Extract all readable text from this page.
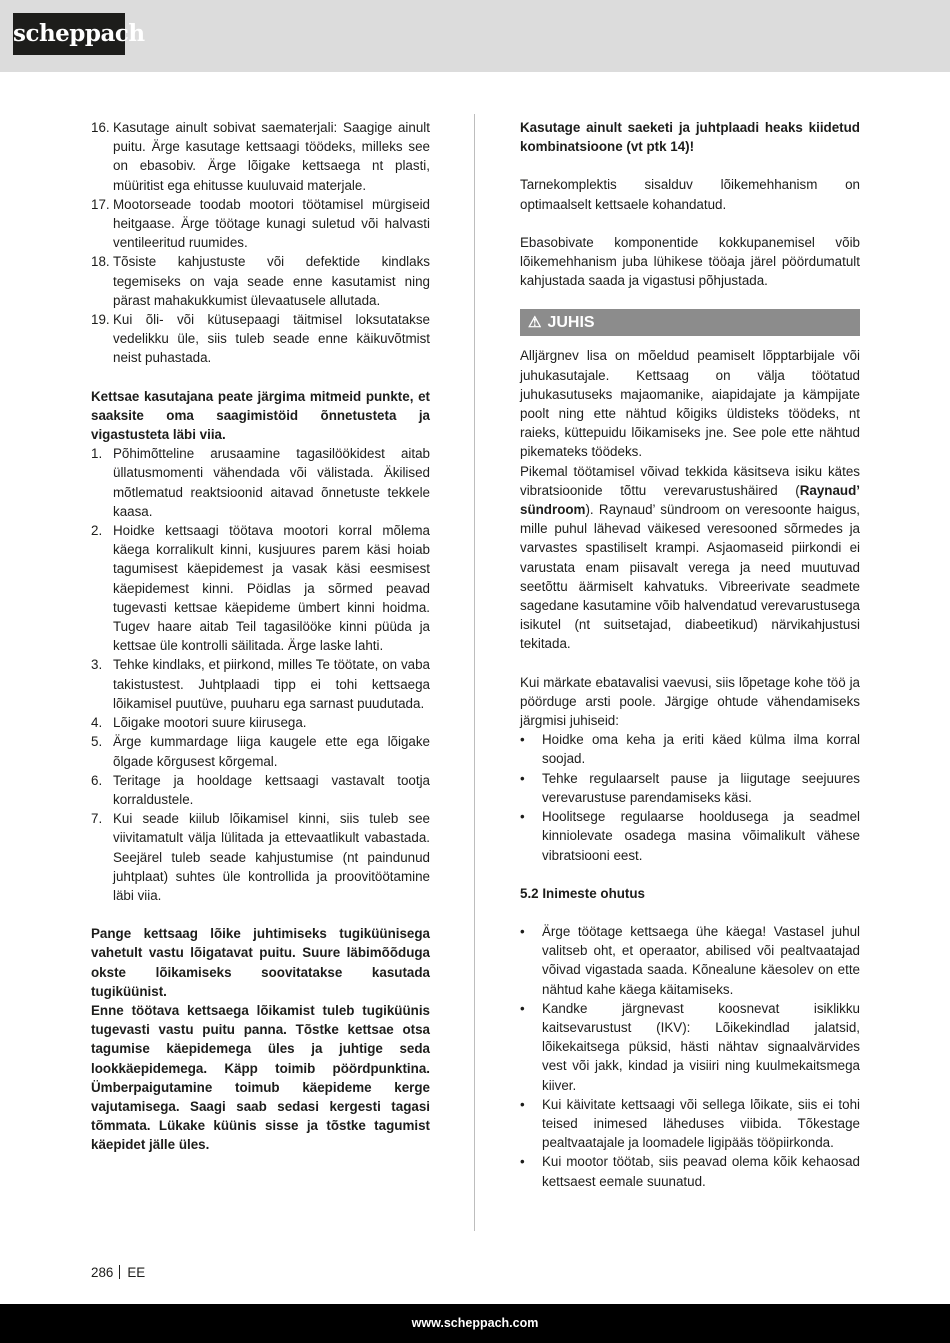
scheppach
16. Kasutage ainult sobivat saematerjali: Saagige ainult puitu. Ärge kasutage kettsaagi töödeks, milleks see on ebasobiv. Ärge lõigake kettsaega nt plasti, müüritist ega ehitusse kuuluvaid materjale.
17. Mootorseade toodab mootori töötamisel mürgiseid heitgaase. Ärge töötage kunagi suletud või halvasti ventileeritud ruumides.
18. Tõsiste kahjustuste või defektide kindlaks tegemiseks on vaja seade enne kasutamist ning pärast mahakukkumist ülevaatusele allutada.
19. Kui õli- või kütusepaagi täitmisel loksutatakse vedelikku üle, siis tuleb seade enne käikuvõtmist neist puhastada.

Kettsae kasutajana peate järgima mitmeid punkte, et saaksite oma saagimistöid õnnetusteta ja vigastusteta läbi viia.

1. Põhimõtteline arusaamine tagasilöökidest aitab üllatusmomenti vähendada või välistada. Äkilised mõtlematud reaktsioonid aitavad õnnetuste tekkele kaasa.
2. Hoidke kettsaagi töötava mootori korral mõlema käega korralikult kinni, kusjuures parem käsi hoiab tagumisest käepidemest ja vasak käsi eesmisest käepidemest kinni. Pöidlas ja sõrmed peavad tugevasti kettsae käepideme ümbert kinni hoidma. Tugev haare aitab Teil tagasilööke kinni püüda ja kettsae üle kontrolli säilitada. Ärge laske lahti.
3. Tehke kindlaks, et piirkond, milles Te töötate, on vaba takistustest. Juhtplaadi tipp ei tohi kettsaega lõikamisel puutüve, puuharu ega sarnast puudutada.
4. Lõigake mootori suure kiirusega.
5. Ärge kummardage liiga kaugele ette ega lõigake õlgade kõrgusest kõrgemal.
6. Teritage ja hooldage kettsaagi vastavalt tootja korraldustele.
7. Kui seade kiilub lõikamisel kinni, siis tuleb see viivitamatult välja lülitada ja ettevaatlikult vabastada. Seejärel tuleb seade kahjustumise (nt paindunud juhtplaat) suhtes üle kontrollida ja proovitöötamine läbi viia.

Pange kettsaag lõike juhtimiseks tugiküünisega vahetult vastu lõigatavat puitu. Suure läbimõõduga okste lõikamiseks soovitatakse kasutada tugiküünist.

Enne töötava kettsaega lõikamist tuleb tugiküünis tugevasti vastu puitu panna. Tõstke kettsae otsa tagumise käepidemega üles ja juhtige seda lookkäepidemega. Käpp toimib pöördpunktina. Ümberpaigutamine toimub käepideme kerge vajutamisega. Saagi saab sedasi kergesti tagasi tõmmata. Lükake küünis sisse ja tõstke tagumist käepidet jälle üles.

Kasutage ainult saeketi ja juhtplaadi heaks kiidetud kombinatsioone (vt ptk 14)!

Tarnekomplektis sisalduv lõikemehhanism on optimaalselt kettsaele kohandatud.

Ebasobivate komponentide kokkupanemisel võib lõikemehhanism juba lühikese tööaja järel pöördumatult kahjustada saada ja vigastusi põhjustada.

⚠ JUHIS

Alljärgnev lisa on mõeldud peamiselt lõpptarbijale või juhukasutajale. Kettsaag on välja töötatud juhukasutuseks majaomanike, aiapidajate ja kämpijate poolt ning ette nähtud kõigiks üldisteks töödeks, nt raieks, küttepuidu lõikamiseks jne. See pole ette nähtud pikemateks töödeks.

Pikemal töötamisel võivad tekkida käsitseva isiku kätes vibratsioonide tõttu verevarustushäired (Raynaud’ sündroom). Raynaud’ sündroom on veresoonte haigus, mille puhul lähevad väikesed veresooned sõrmedes ja varvastes spastiliselt krampi. Asjaomaseid piirkondi ei varustata enam piisavalt verega ja need muutuvad seetõttu äärmiselt kahvatuks. Vibreerivate seadmete sagedane kasutamine võib halvendatud verevarustusega isikutel (nt suitsetajad, diabeetikud) närvikahjustusi tekitada.

Kui märkate ebatavalisi vaevusi, siis lõpetage kohe töö ja pöörduge arsti poole. Järgige ohtude vähendamiseks järgmisi juhiseid:

• Hoidke oma keha ja eriti käed külma ilma korral soojad.
• Tehke regulaarselt pause ja liigutage seejuures verevarustuse parendamiseks käsi.
• Hoolitsege regulaarse hooldusega ja seadmel kinniolevate osadega masina võimalikult vähese vibratsiooni eest.

5.2 Inimeste ohutus

• Ärge töötage kettsaega ühe käega! Vastasel juhul valitseb oht, et operaator, abilised või pealtvaatajad võivad vigastada saada. Kõnealune käesolev on ette nähtud kahe käega käitamiseks.
• Kandke järgnevast koosnevat isiklikku kaitsevarustust (IKV): Lõikekindlad jalatsid, lõikekaitsega püksid, hästi nähtav signaalvärvides vest või jakk, kindad ja visiiri ning kuulmekaitsmega kiiver.
• Kui käivitate kettsaagi või sellega lõikate, siis ei tohi teised inimesed läheduses viibida. Tõkestage pealtvaatajale ja loomadele ligipääs tööpiirkonda.
• Kui mootor töötab, siis peavad olema kõik kehaosad kettsaest eemale suunatud.
286 EE
www.scheppach.com
